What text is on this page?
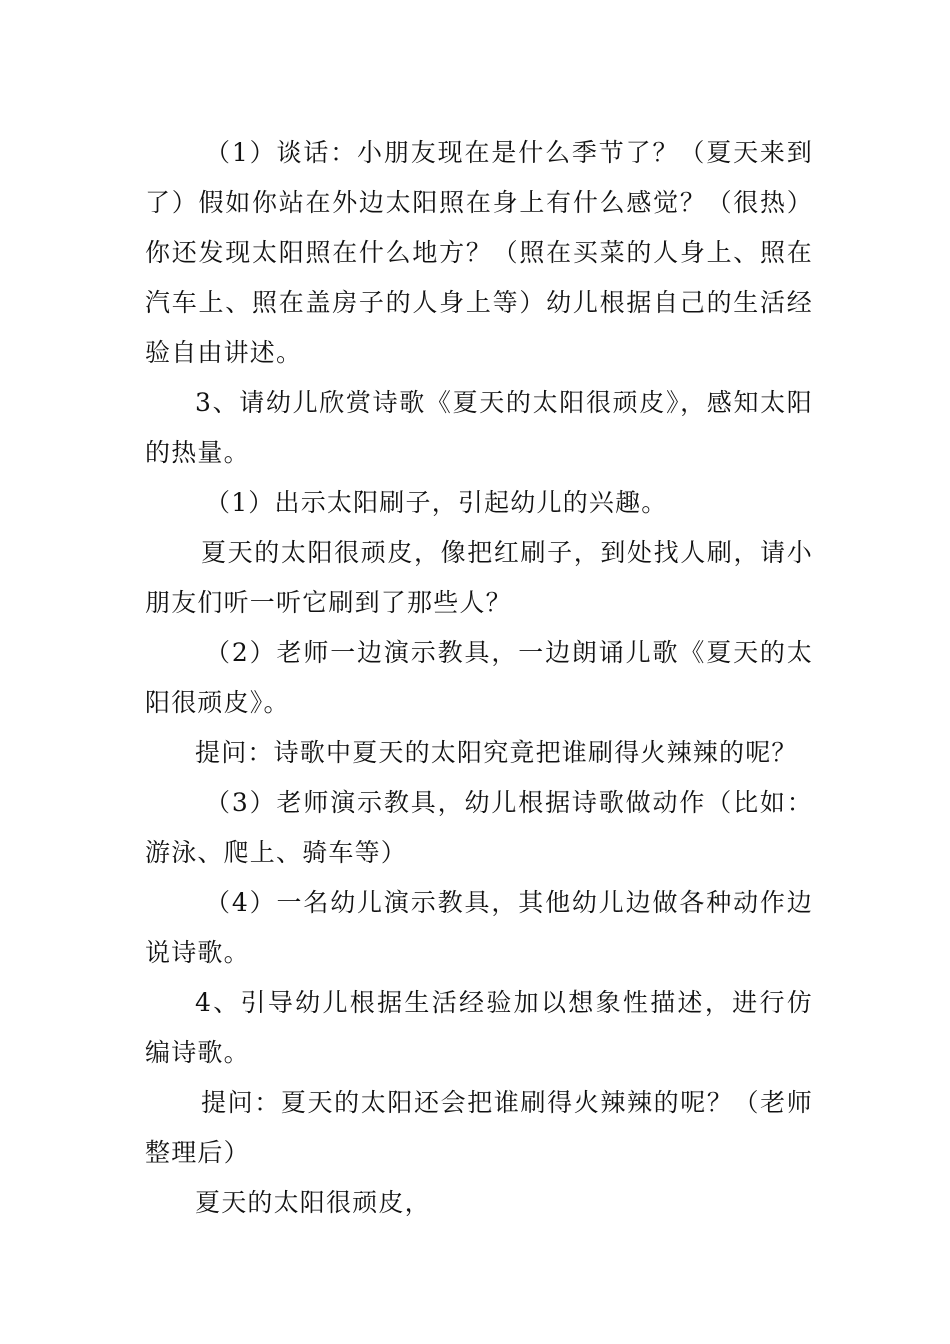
（1）谈话：小朋友现在是什么季节了？（夏天来到了）假如你站在外边太阳照在身上有什么感觉？（很热）你还发现太阳照在什么地方？（照在买菜的人身上、照在汽车上、照在盖房子的人身上等）幼儿根据自己的生活经验自由讲述。

3、请幼儿欣赏诗歌《夏天的太阳很顽皮》，感知太阳的热量。

（1）出示太阳刷子，引起幼儿的兴趣。

夏天的太阳很顽皮，像把红刷子，到处找人刷，请小朋友们听一听它刷到了那些人？

（2）老师一边演示教具，一边朗诵儿歌《夏天的太阳很顽皮》。

提问：诗歌中夏天的太阳究竟把谁刷得火辣辣的呢？

（3）老师演示教具，幼儿根据诗歌做动作（比如：游泳、爬上、骑车等）

（4）一名幼儿演示教具，其他幼儿边做各种动作边说诗歌。

4、引导幼儿根据生活经验加以想象性描述，进行仿编诗歌。

提问：夏天的太阳还会把谁刷得火辣辣的呢？（老师整理后）

夏天的太阳很顽皮，
